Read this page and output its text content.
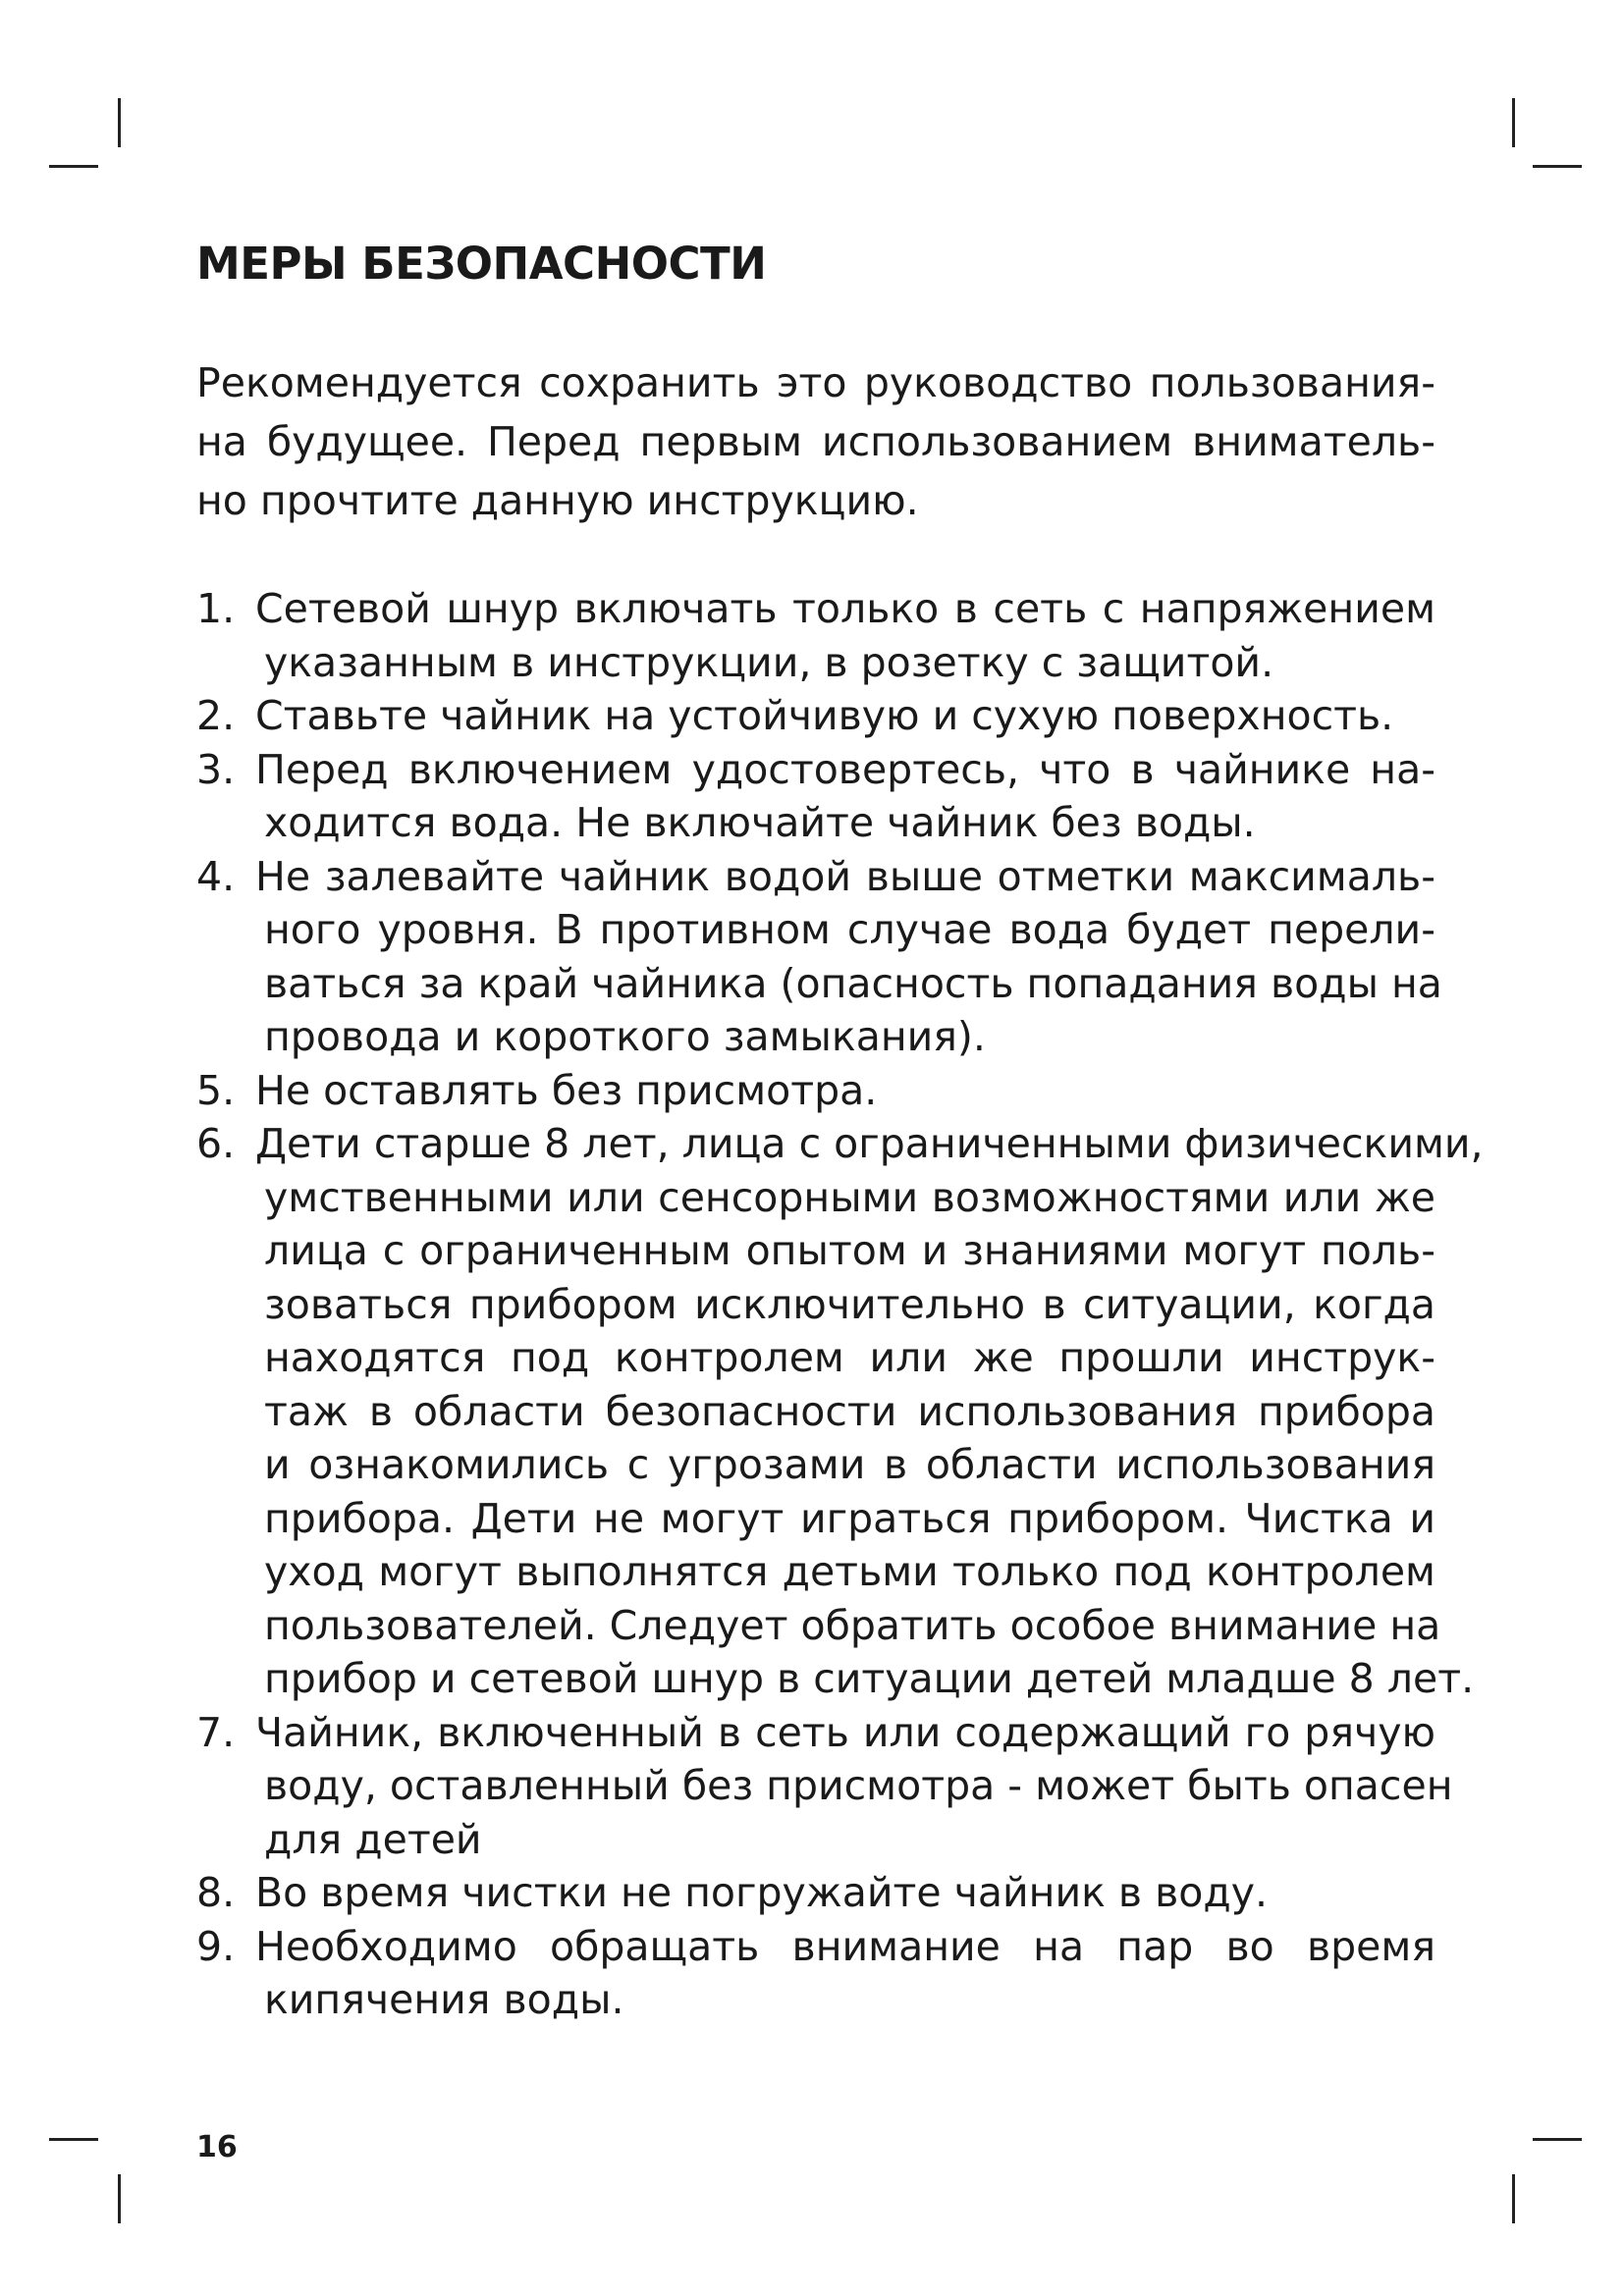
МЕРЫ БЕЗОПАСНОСТИ
Рекомендуется сохранить это руководство пользования-
на будущее. Перед первым использованием вниматель-
но прочтите данную инструкцию.
1. Сетевой шнур включать только в сеть с напряжением
указанным в инструкции, в розетку с защитой.
2. Ставьте чайник на устойчивую и сухую поверхность.
3. Перед включением удостовертесь, что в чайнике на-
ходится вода. Не включайте чайник без воды.
4. Не залевайте чайник водой выше отметки максималь-
ного уровня. В противном случае вода будет перели-
ваться за край чайника (опасность попадания воды на
провода и короткого замыкания).
5. Не оставлять без присмотра.
6. Дети старше 8 лет, лица с ограниченными физическими,
умственными или сенсорными возможностями или же
лица с ограниченным опытом и знаниями могут поль-
зоваться прибором исключительно в ситуации, когда
находятся под контролем или же прошли инструк-
таж в области безопасности использования прибора
и ознакомились с угрозами в области использования
прибора. Дети не могут играться прибором. Чистка и
уход могут выполнятся детьми только под контролем
пользователей. Следует обратить особое внимание на
прибор и сетевой шнур в ситуации детей младше 8 лет.
7. Чайник, включенный в сеть или содержащий го рячую
воду, оставленный без присмотра - может быть опасен
для детей
8. Во время чистки не погружайте чайник в воду.
9. Необходимо обращать внимание на пар во время
кипячения воды.
16
